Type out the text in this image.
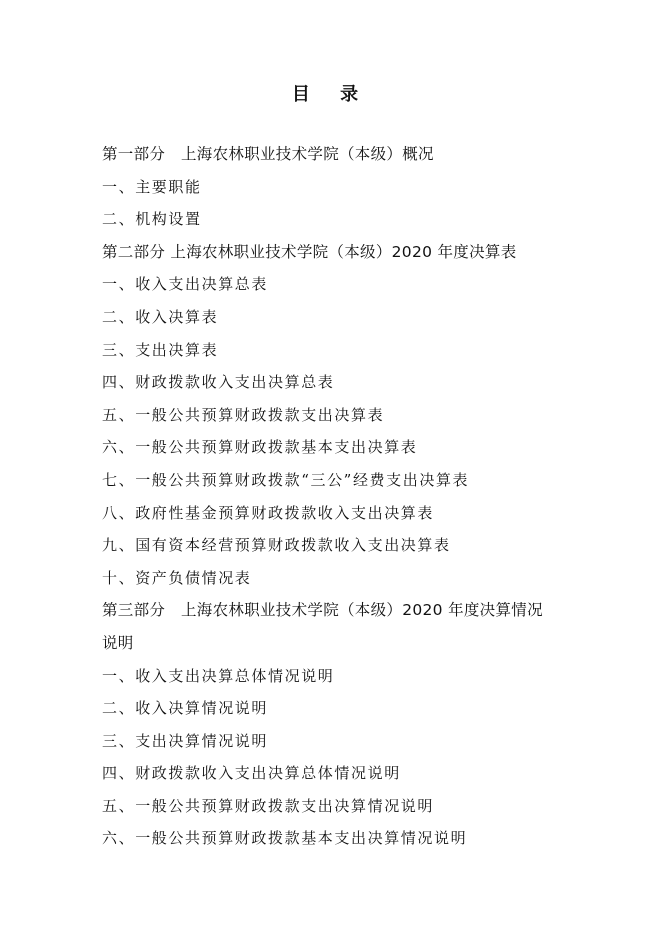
目 录
第一部分　上海农林职业技术学院（本级）概况
一、主要职能
二、机构设置
第二部分 上海农林职业技术学院（本级）2020 年度决算表
一、收入支出决算总表
二、收入决算表
三、支出决算表
四、财政拨款收入支出决算总表
五、一般公共预算财政拨款支出决算表
六、一般公共预算财政拨款基本支出决算表
七、一般公共预算财政拨款“三公”经费支出决算表
八、政府性基金预算财政拨款收入支出决算表
九、国有资本经营预算财政拨款收入支出决算表
十、资产负债情况表
第三部分　上海农林职业技术学院（本级）2020 年度决算情况
说明
一、收入支出决算总体情况说明
二、收入决算情况说明
三、支出决算情况说明
四、财政拨款收入支出决算总体情况说明
五、一般公共预算财政拨款支出决算情况说明
六、一般公共预算财政拨款基本支出决算情况说明
